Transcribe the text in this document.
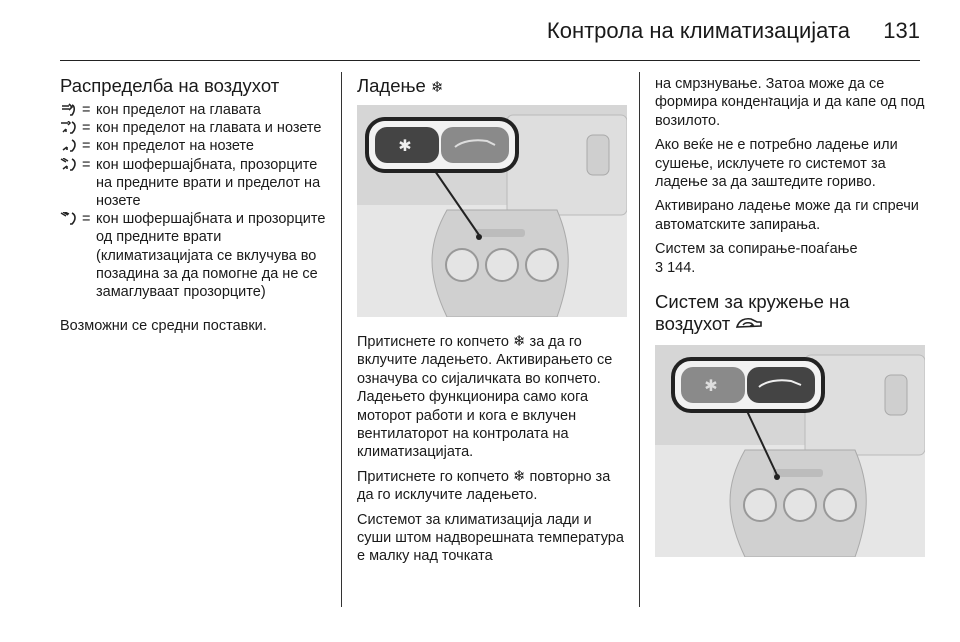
Контрола на климатизацијата 131
Распределба на воздухот
= кон пределот на главата
= кон пределот на главата и нозете
= кон пределот на нозете
= кон шофершајбната, прозорците на предните врати и пределот на нозете
= кон шофершајбната и прозорците од предните врати (климатизацијата се вклучува во позадина за да помогне да не се замаглуваат прозорците)

Возможни се средни поставки.

Ладење ❄
✱

Притиснете го копчето ❄ за да го вклучите ладењето. Активирањето се означува со сијаличката во копчето. Ладењето функционира само кога моторот работи и кога е вклучен вентилаторот на контролата на климатизацијата.

Притиснете го копчето ❄ повторно за да го исклучите ладењето.

Системот за климатизација лади и суши штом надворешната температура е малку над точката

на смрзнување. Затоа може да се формира конденזација и да капе од под возилото.

Ако веќе не е потребно ладење или сушење, исклучете го системот за ладење за да заштедите гориво.

Активирано ладење може да ги спречи автоматските запирања.

Систем за сопирање-поаѓање
3 144.

Систем за кружење на
воздухот
✱
